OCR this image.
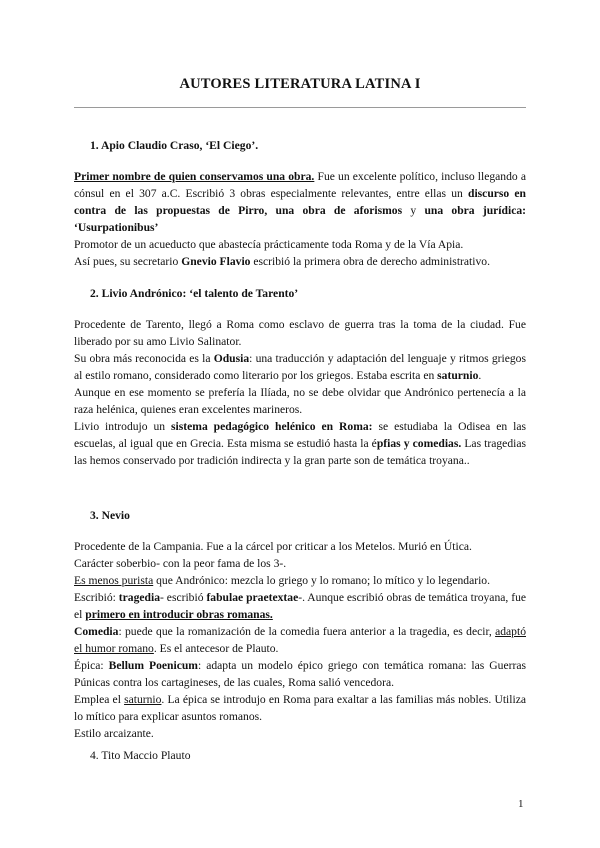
AUTORES LITERATURA LATINA I
1. Apio Claudio Craso, ‘El Ciego’.

Primer nombre de quien conservamos una obra. Fue un excelente político, incluso llegando a cónsul en el 307 a.C. Escribió 3 obras especialmente relevantes, entre ellas un discurso en contra de las propuestas de Pirro, una obra de aforismos y una obra jurídica: ‘Usurpationibus’

Promotor de un acueducto que abastecía prácticamente toda Roma y de la Vía Apia.

Así pues, su secretario Gnevio Flavio escribió la primera obra de derecho administrativo.

2. Livio Andrónico: ‘el talento de Tarento’

Procedente de Tarento, llegó a Roma como esclavo de guerra tras la toma de la ciudad. Fue liberado por su amo Livio Salinator.

Su obra más reconocida es la Odusia: una traducción y adaptación del lenguaje y ritmos griegos al estilo romano, considerado como literario por los griegos. Estaba escrita en saturnio.

Aunque en ese momento se prefería la Ilíada, no se debe olvidar que Andrónico pertenecía a la raza helénica, quienes eran excelentes marineros.

Livio introdujo un sistema pedagógico helénico en Roma: se estudiaba la Odisea en las escuelas, al igual que en Grecia. Esta misma se estudió hasta la épfias y comedias. Las tragedias las hemos conservado por tradición indirecta y la gran parte son de temática troyana..

3. Nevio

Procedente de la Campania. Fue a la cárcel por criticar a los Metelos. Murió en Útica.

Carácter soberbio- con la peor fama de los 3-.

Es menos purista que Andrónico: mezcla lo griego y lo romano; lo mítico y lo legendario.

Escribió: tragedia- escribió fabulae praetextae-. Aunque escribió obras de temática troyana, fue el primero en introducir obras romanas.

Comedia: puede que la romanización de la comedia fuera anterior a la tragedia, es decir, adaptó el humor romano. Es el antecesor de Plauto.

Épica: Bellum Poenicum: adapta un modelo épico griego con temática romana: las Guerras Púnicas contra los cartagineses, de las cuales, Roma salió vencedora.

Emplea el saturnio. La épica se introdujo en Roma para exaltar a las familias más nobles. Utiliza lo mítico para explicar asuntos romanos.

Estilo arcaizante.

4. Tito Maccio Plauto
1
